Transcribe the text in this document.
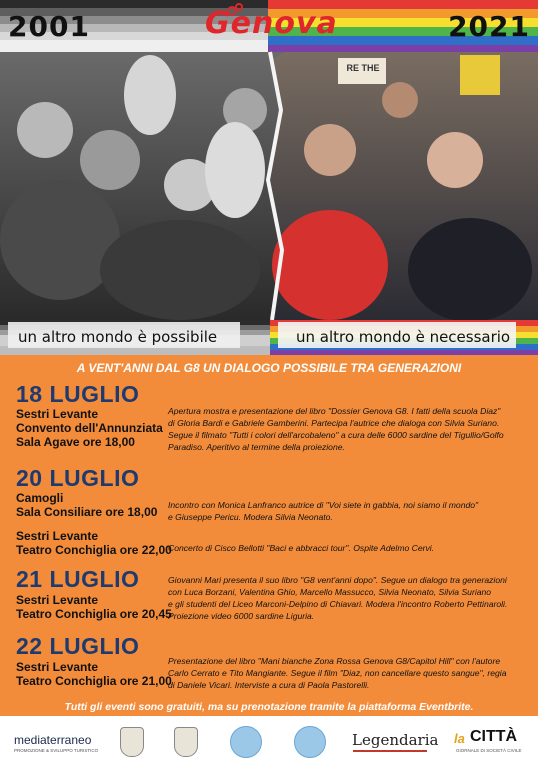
2001	2021
Genova
RE THE
un altro mondo è possibile	un altro mondo è necessario
A VENT'ANNI DAL G8 UN DIALOGO POSSIBILE TRA GENERAZIONI
18 LUGLIO
Sestri Levante
Convento dell'Annunziata
Sala Agave ore 18,00
Apertura mostra e presentazione del libro "Dossier Genova G8. I fatti della scuola Diaz"
di Gloria Bardi e Gabriele Gamberini. Partecipa l'autrice che dialoga con Silvia Suriano.
Segue il filmato "Tutti i colori dell'arcobaleno" a cura delle 6000 sardine del Tigullio/Golfo
Paradiso. Aperitivo al termine della proiezione.
20 LUGLIO
Camogli
Sala Consiliare ore 18,00 Incontro con Monica Lanfranco autrice di "Voi siete in gabbia, noi siamo il mondo"
e Giuseppe Pericu. Modera Silvia Neonato.
Sestri Levante
Teatro Conchiglia ore 22,00
Concerto di Cisco Bellotti "Baci e abbracci tour". Ospite Adelmo Cervi.
21 LUGLIO
Sestri Levante
Teatro Conchiglia ore 20,45
Giovanni Mari presenta il suo libro "G8 vent'anni dopo". Segue un dialogo tra generazioni
con Luca Borzani, Valentina Ghio, Marcello Massucco, Silvia Neonato, Silvia Suriano
e gli studenti del Liceo Marconi-Delpino di Chiavari. Modera l'incontro Roberto Pettinaroli.
Proiezione video 6000 sardine Liguria.
22 LUGLIO
Sestri Levante
Teatro Conchiglia ore 21,00
Presentazione del libro "Mani bianche Zona Rossa Genova G8/Capitol Hill" con l'autore
Carlo Cerrato e Tito Mangiante. Segue il film "Diaz, non cancellare questo sangue", regia
di Daniele Vicari. Interviste a cura di Paola Pastorelli.
Tutti gli eventi sono gratuiti, ma su prenotazione tramite la piattaforma Eventbrite.
mediaterraneo
PROMOZIONE & SVILUPPO TURISTICO
Legendaria la CITTÀ
GIORNALE DI SOCIETÀ CIVILE
